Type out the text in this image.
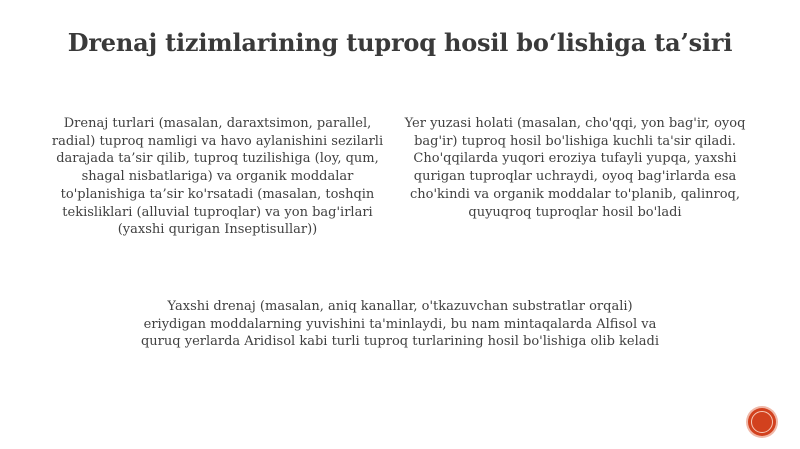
Drenaj tizimlarining tuproq hosil bo‘lishiga ta’siri
Drenaj turlari (masalan, daraxtsimon, parallel, radial) tuproq namligi va havo aylanishini sezilarli darajada ta’sir qilib, tuproq tuzilishiga (loy, qum, shagal nisbatlariga) va organik moddalar to'planishiga ta’sir ko'rsatadi (masalan, toshqin tekisliklari (alluvial tuproqlar) va yon bag'irlari (yaxshi qurigan Inseptisullar))
Yer yuzasi holati (masalan, cho'qqi, yon bag'ir, oyoq bag'ir) tuproq hosil bo'lishiga kuchli ta'sir qiladi. Cho'qqilarda yuqori eroziya tufayli yupqa, yaxshi qurigan tuproqlar uchraydi, oyoq bag'irlarda esa cho'kindi va organik moddalar to'planib, qalinroq, quyuqroq tuproqlar hosil bo'ladi
Yaxshi drenaj (masalan, aniq kanallar, o'tkazuvchan substratlar orqali) eriydigan moddalarning yuvishini ta'minlaydi, bu nam mintaqalarda Alfisol va quruq yerlarda Aridisol kabi turli tuproq turlarining hosil bo'lishiga olib keladi
